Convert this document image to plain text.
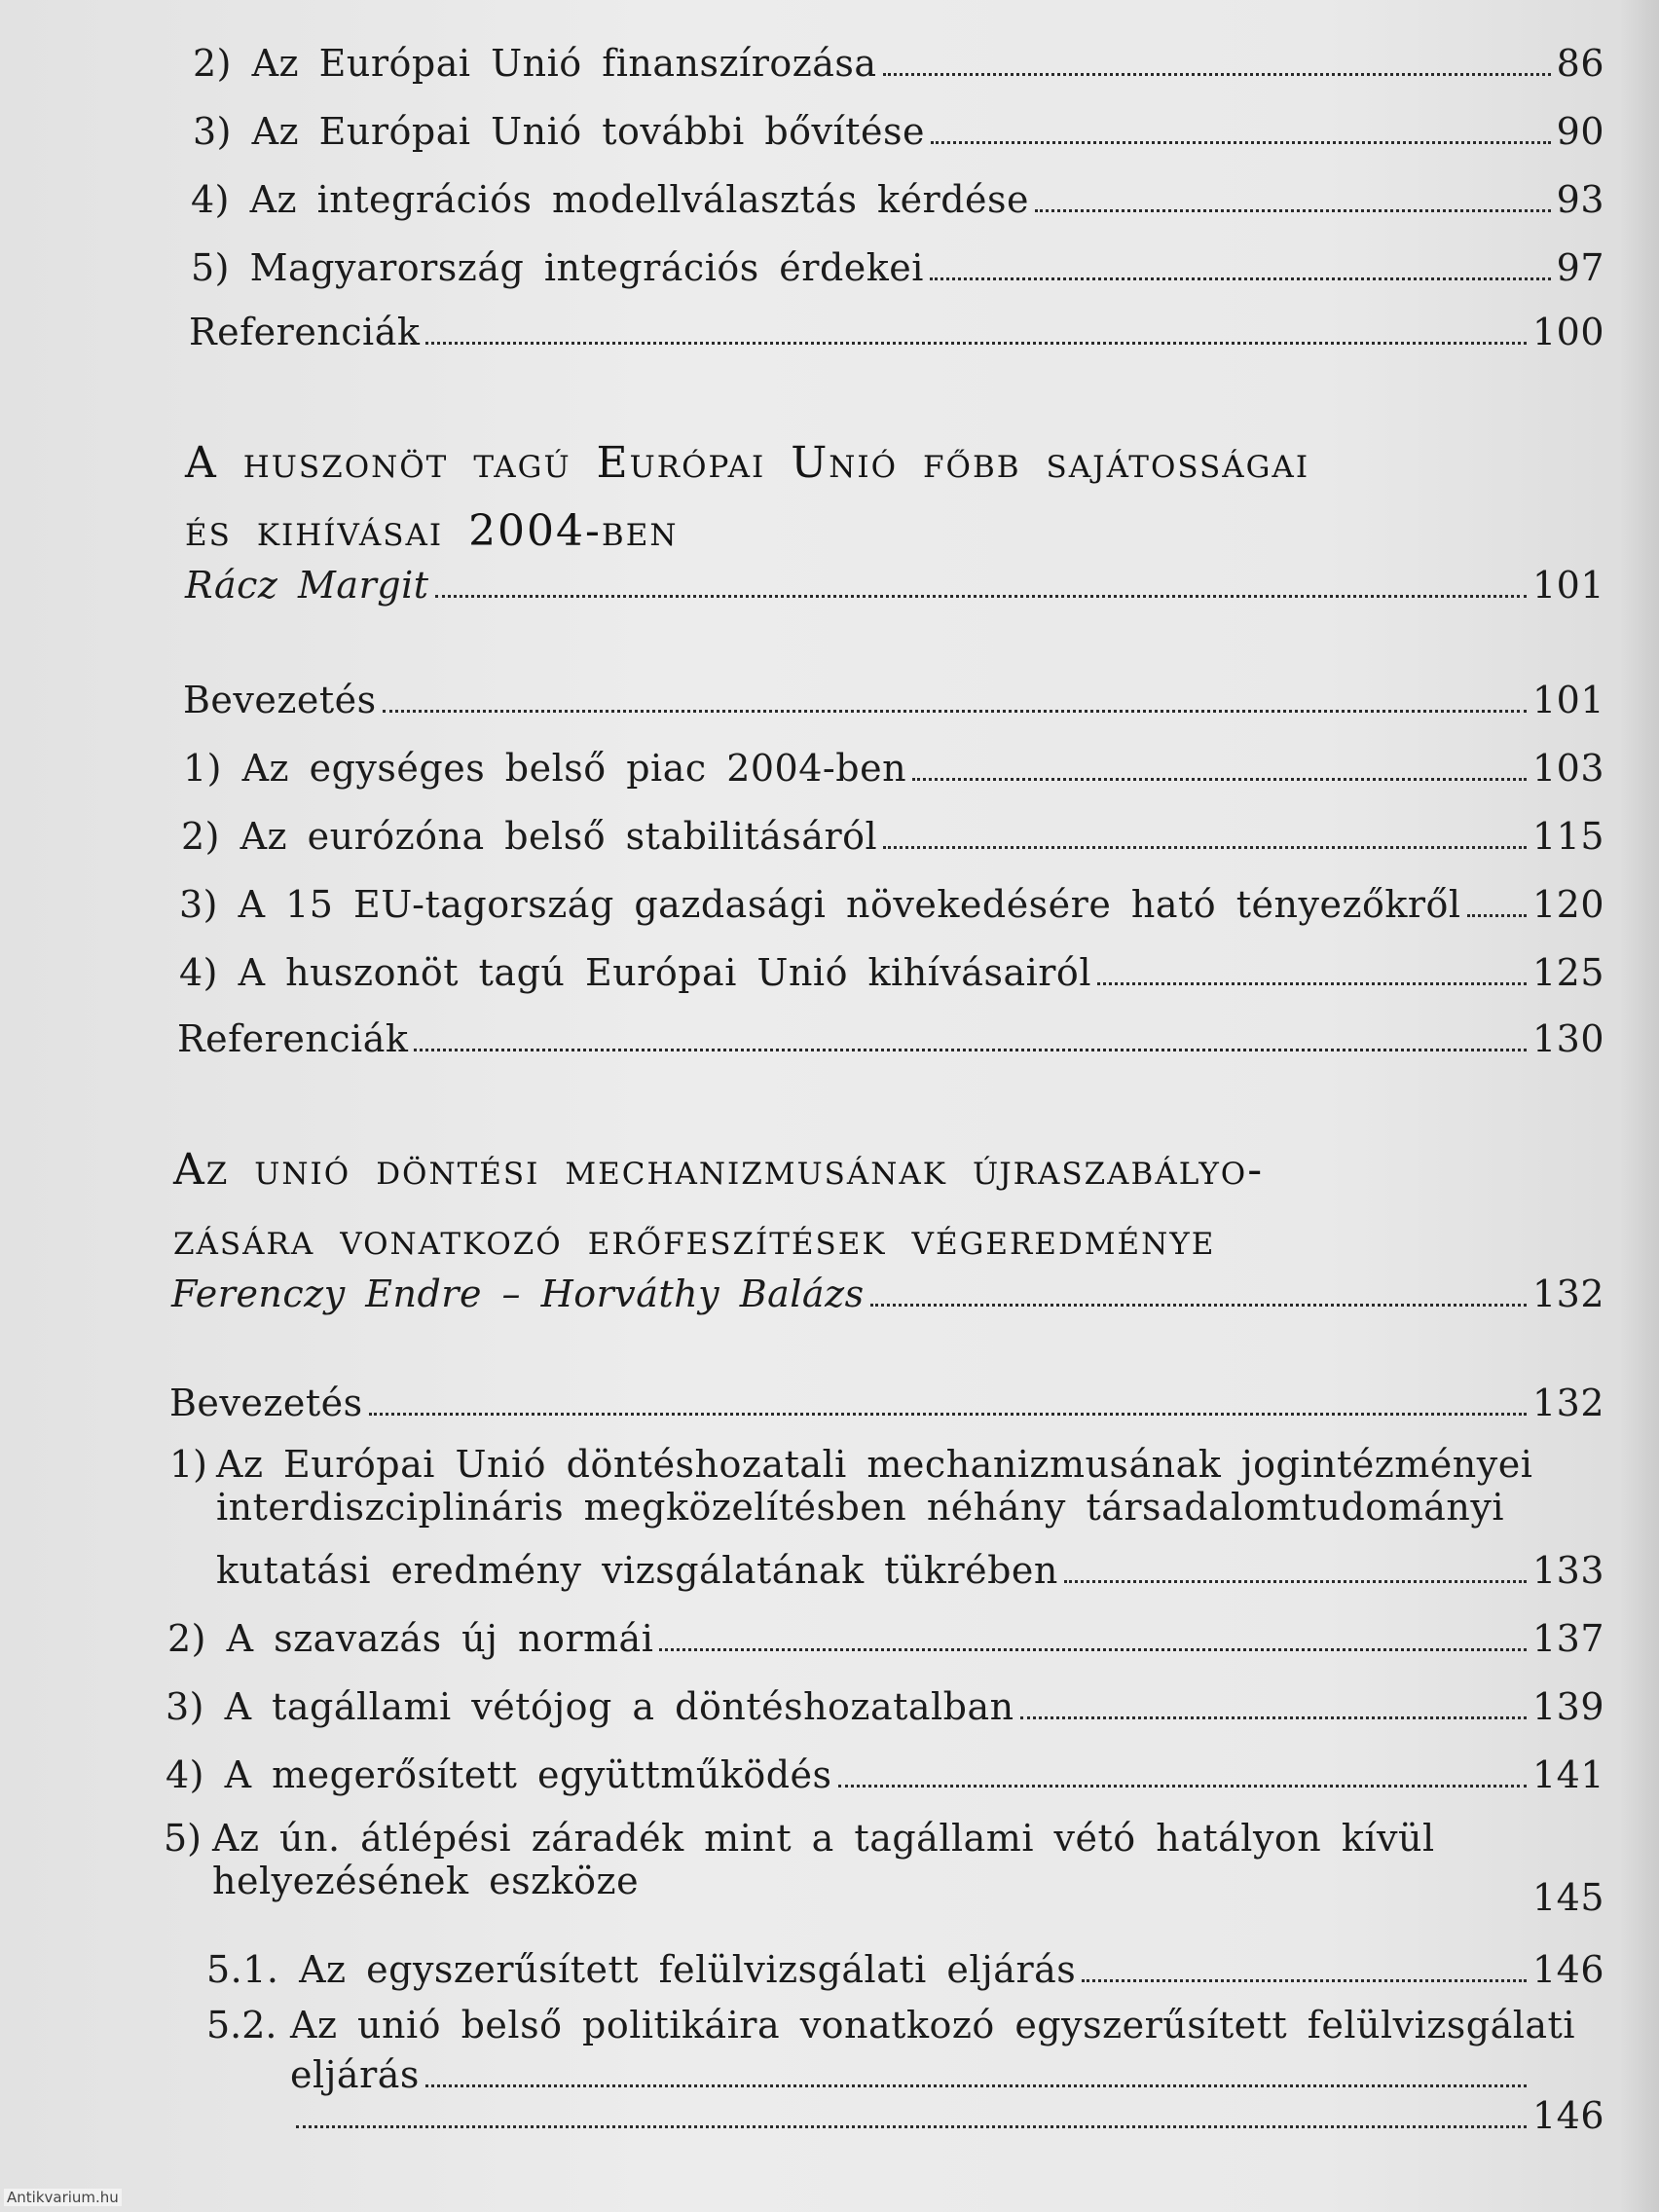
2) Az Európai Unió finanszírozása	86
3) Az Európai Unió további bővítése	90
4) Az integrációs modellválasztás kérdése	93
5) Magyarország integrációs érdekei	97
Referenciák	100
A huszonöt tagú Európai Unió főbb sajátosságai
és kihívásai 2004-ben
Rácz Margit	101
Bevezetés	101
1) Az egységes belső piac 2004-ben	103
2) Az eurózóna belső stabilitásáról	115
3) A 15 EU-tagország gazdasági növekedésére ható tényezőkről 120
4) A huszonöt tagú Európai Unió kihívásairól	125
Referenciák	130
Az unió döntési mechanizmusának újraszabályo-
zására vonatkozó erőfeszítések végeredménye
Ferenczy Endre – Horváthy Balázs	132
Bevezetés	132
1) Az Európai Unió döntéshozatali mechanizmusának jogintézményei
interdiszciplináris megközelítésben néhány társadalomtudományi
kutatási eredmény vizsgálatának tükrében	133
2) A szavazás új normái	137
3) A tagállami vétójog a döntéshozatalban	139
4) A megerősített együttműködés	141
5) Az ún. átlépési záradék mint a tagállami vétó hatályon kívül
helyezésének eszköze	145
5.1. Az egyszerűsített felülvizsgálati eljárás	146
5.2. Az unió belső politikáira vonatkozó egyszerűsített felülvizsgálati
eljárás
146
Antikvarium.hu
